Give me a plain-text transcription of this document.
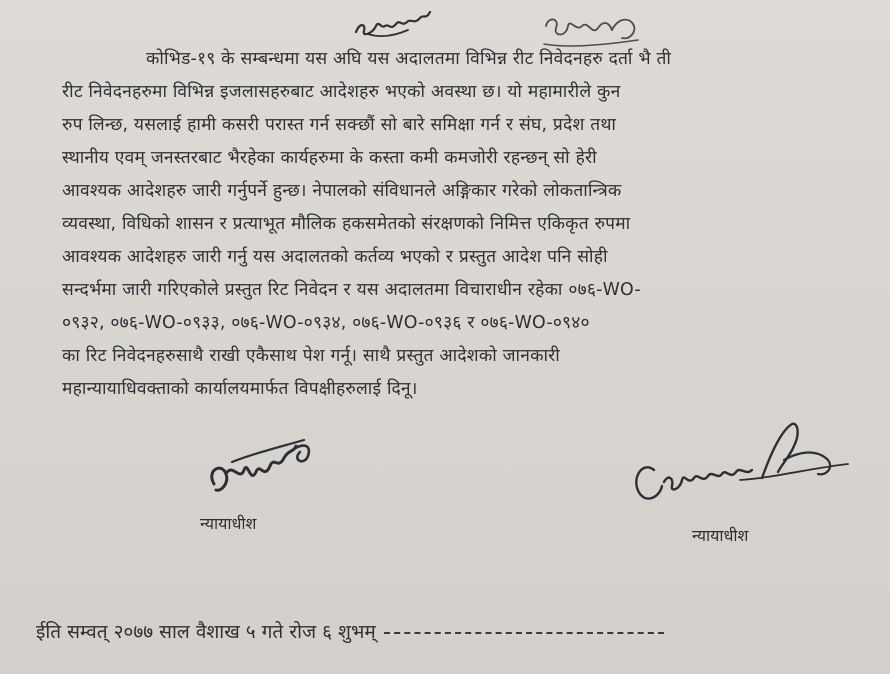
कोभिड-१९ के सम्बन्धमा यस अघि यस अदालतमा विभिन्न रीट निवेदनहरु दर्ता भै ती
रीट निवेदनहरुमा विभिन्न इजलासहरुबाट आदेशहरु भएको अवस्था छ। यो महामारीले कुन
रुप लिन्छ, यसलाई हामी कसरी परास्त गर्न सक्छौं सो बारे समिक्षा गर्न र संघ, प्रदेश तथा
स्थानीय एवम् जनस्तरबाट भैरहेका कार्यहरुमा के कस्ता कमी कमजोरी रहन्छन् सो हेरी
आवश्यक आदेशहरु जारी गर्नुपर्ने हुन्छ। नेपालको संविधानले अङ्गिकार गरेको लोकतान्त्रिक
व्यवस्था, विधिको शासन र प्रत्याभूत मौलिक हकसमेतको संरक्षणको निमित्त एकिकृत रुपमा
आवश्यक आदेशहरु जारी गर्नु यस अदालतको कर्तव्य भएको र प्रस्तुत आदेश पनि सोही
सन्दर्भमा जारी गरिएकोले प्रस्तुत रिट निवेदन र यस अदालतमा विचाराधीन रहेका ०७६-WO-
०९३२, ०७६-WO-०९३३, ०७६-WO-०९३४, ०७६-WO-०९३६ र ०७६-WO-०९४०
का रिट निवेदनहरुसाथै राखी एकैसाथ पेश गर्नू। साथै प्रस्तुत आदेशको जानकारी
महान्यायाधिवक्ताको कार्यालयमार्फत विपक्षीहरुलाई दिनू।
न्यायाधीश
न्यायाधीश
ईति सम्वत् २०७७ साल वैशाख ५ गते रोज ६ शुभम्
